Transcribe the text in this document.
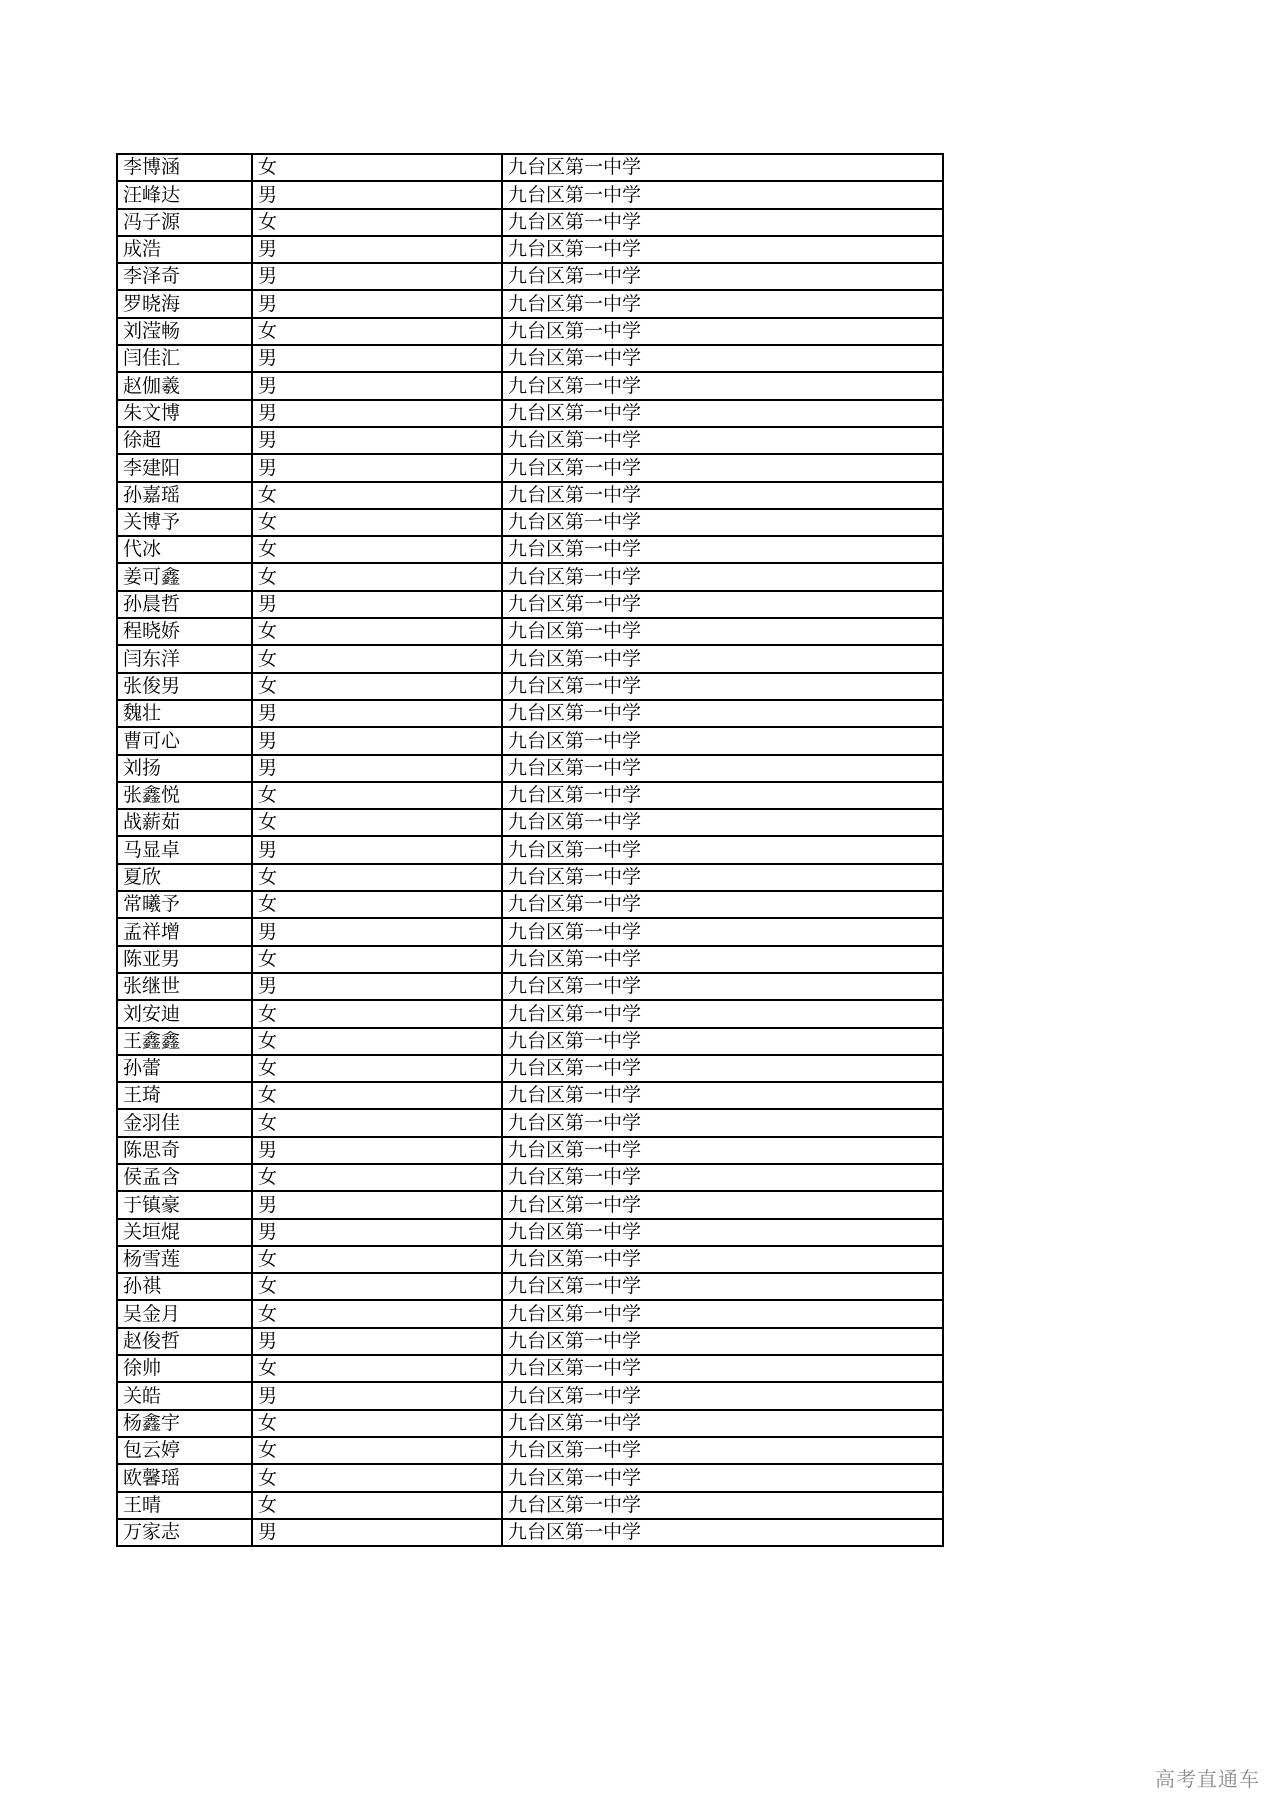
李博涵	女	九台区第一中学
汪峰达	男	九台区第一中学
冯子源	女	九台区第一中学
成浩	男	九台区第一中学
李泽奇	男	九台区第一中学
罗晓海	男	九台区第一中学
刘滢畅	女	九台区第一中学
闫佳汇	男	九台区第一中学
赵伽羲	男	九台区第一中学
朱文博	男	九台区第一中学
徐超	男	九台区第一中学
李建阳	男	九台区第一中学
孙嘉瑶	女	九台区第一中学
关博予	女	九台区第一中学
代冰	女	九台区第一中学
姜可鑫	女	九台区第一中学
孙晨哲	男	九台区第一中学
程晓娇	女	九台区第一中学
闫东洋	女	九台区第一中学
张俊男	女	九台区第一中学
魏壮	男	九台区第一中学
曹可心	男	九台区第一中学
刘扬	男	九台区第一中学
张鑫悦	女	九台区第一中学
战薪茹	女	九台区第一中学
马显卓	男	九台区第一中学
夏欣	女	九台区第一中学
常曦予	女	九台区第一中学
孟祥增	男	九台区第一中学
陈亚男	女	九台区第一中学
张继世	男	九台区第一中学
刘安迪	女	九台区第一中学
王鑫鑫	女	九台区第一中学
孙蕾	女	九台区第一中学
王琦	女	九台区第一中学
金羽佳	女	九台区第一中学
陈思奇	男	九台区第一中学
侯孟含	女	九台区第一中学
于镇豪	男	九台区第一中学
关垣焜	男	九台区第一中学
杨雪莲	女	九台区第一中学
孙祺	女	九台区第一中学
吴金月	女	九台区第一中学
赵俊哲	男	九台区第一中学
徐帅	女	九台区第一中学
关皓	男	九台区第一中学
杨鑫宇	女	九台区第一中学
包云婷	女	九台区第一中学
欧馨瑶	女	九台区第一中学
王晴	女	九台区第一中学
万家志	男	九台区第一中学
高考直通车
